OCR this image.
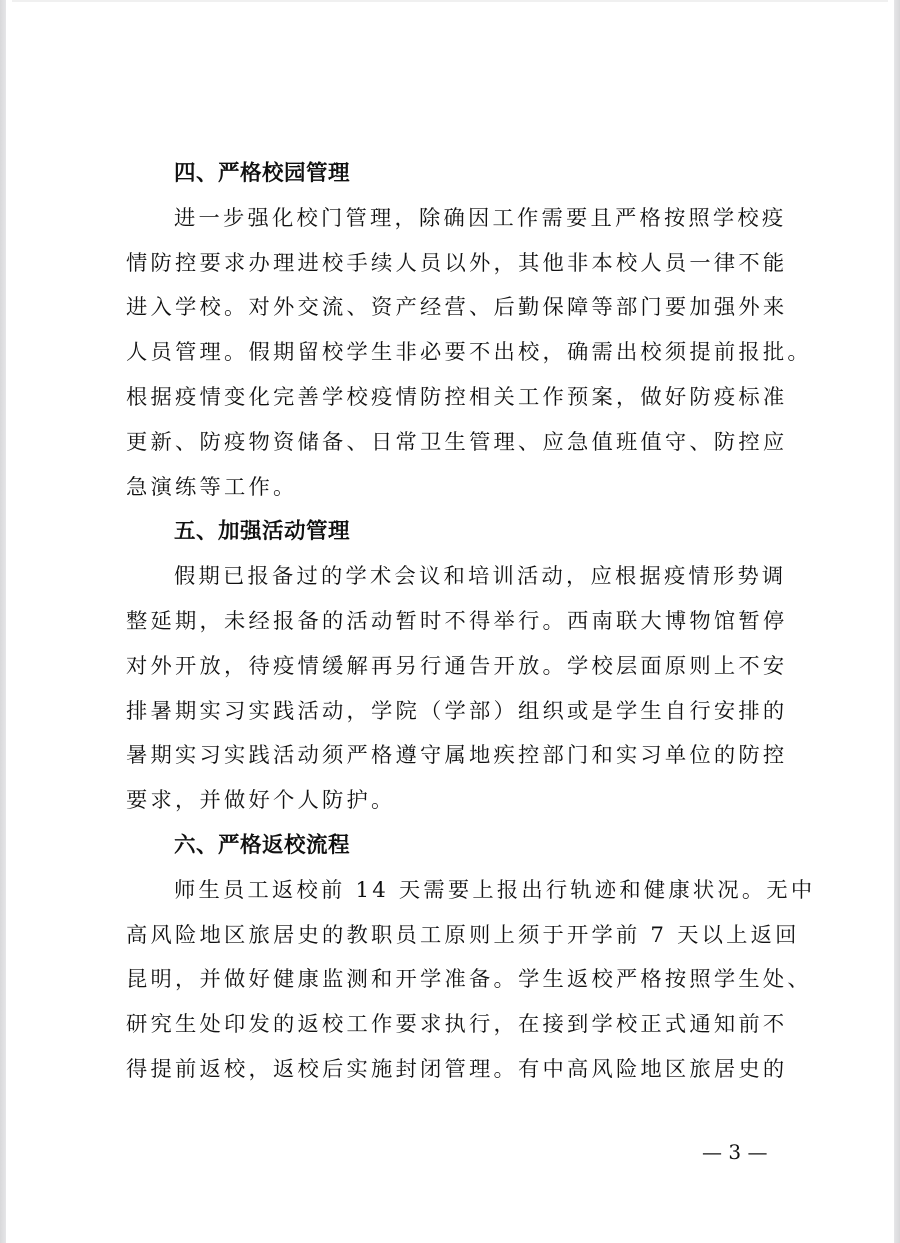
四、严格校园管理
进一步强化校门管理，除确因工作需要且严格按照学校疫
情防控要求办理进校手续人员以外，其他非本校人员一律不能
进入学校。对外交流、资产经营、后勤保障等部门要加强外来
人员管理。假期留校学生非必要不出校，确需出校须提前报批。
根据疫情变化完善学校疫情防控相关工作预案，做好防疫标准
更新、防疫物资储备、日常卫生管理、应急值班值守、防控应
急演练等工作。
五、加强活动管理
假期已报备过的学术会议和培训活动，应根据疫情形势调
整延期，未经报备的活动暂时不得举行。西南联大博物馆暂停
对外开放，待疫情缓解再另行通告开放。学校层面原则上不安
排暑期实习实践活动，学院（学部）组织或是学生自行安排的
暑期实习实践活动须严格遵守属地疾控部门和实习单位的防控
要求，并做好个人防护。
六、严格返校流程
师生员工返校前 14 天需要上报出行轨迹和健康状况。无中
高风险地区旅居史的教职员工原则上须于开学前 7 天以上返回
昆明，并做好健康监测和开学准备。学生返校严格按照学生处、
研究生处印发的返校工作要求执行，在接到学校正式通知前不
得提前返校，返校后实施封闭管理。有中高风险地区旅居史的
— 3 —
